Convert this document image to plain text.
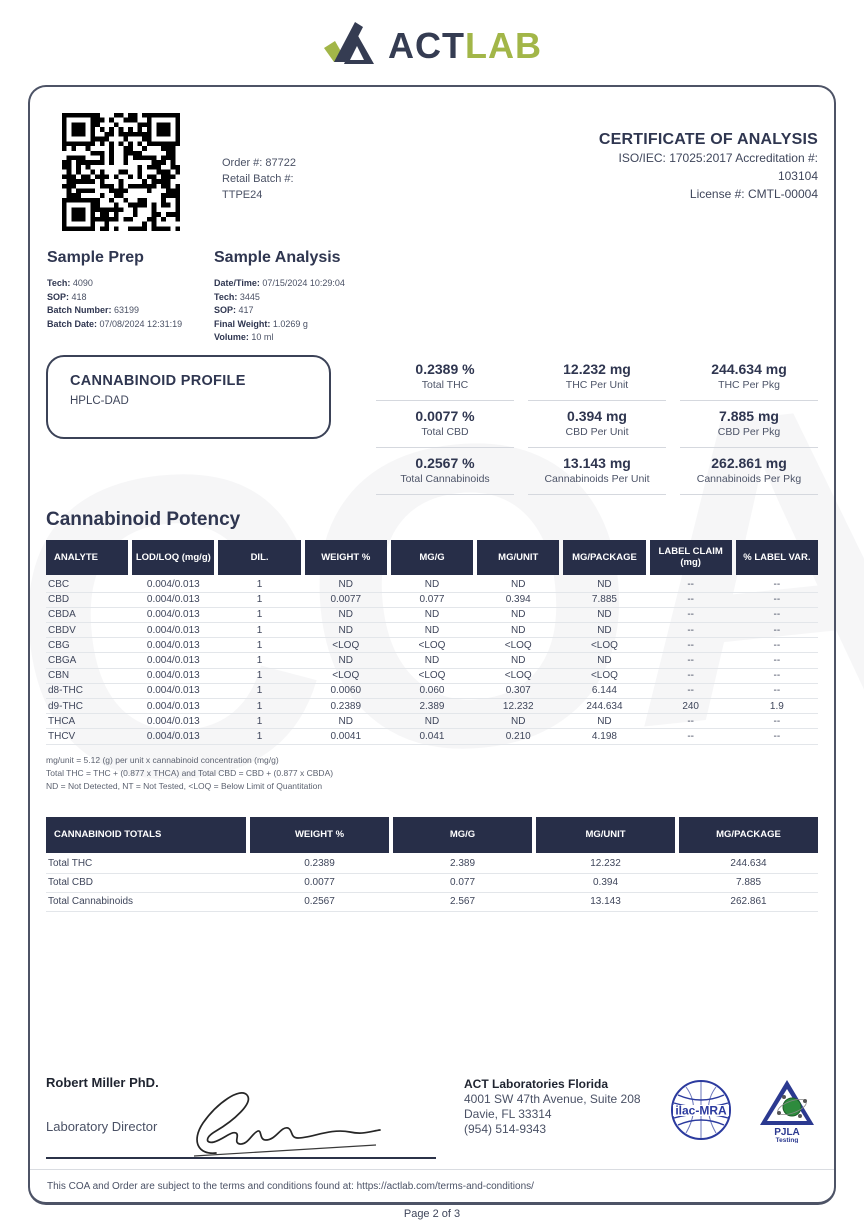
ACTLAB
Order #: 87722
Retail Batch #:
TTPE24
CERTIFICATE OF ANALYSIS
ISO/IEC: 17025:2017 Accreditation #:
103104
License #: CMTL-00004
Sample Prep
Tech: 4090
SOP: 418
Batch Number: 63199
Batch Date: 07/08/2024 12:31:19
Sample Analysis
Date/Time: 07/15/2024 10:29:04
Tech: 3445
SOP: 417
Final Weight: 1.0269 g
Volume: 10 ml
CANNABINOID PROFILE
HPLC-DAD
0.2389 %
Total THC
12.232 mg
THC Per Unit
244.634 mg
THC Per Pkg
0.0077 %
Total CBD
0.394 mg
CBD Per Unit
7.885 mg
CBD Per Pkg
0.2567 %
Total Cannabinoids
13.143 mg
Cannabinoids Per Unit
262.861 mg
Cannabinoids Per Pkg
Cannabinoid Potency
ANALYTE	LOD/LOQ (mg/g)	DIL.	WEIGHT %	MG/G	MG/UNIT	MG/PACKAGE	LABEL CLAIM (mg)	% LABEL VAR.
CBC	0.004/0.013	1	ND	ND	ND	ND	--	--
CBD	0.004/0.013	1	0.0077	0.077	0.394	7.885	--	--
CBDA	0.004/0.013	1	ND	ND	ND	ND	--	--
CBDV	0.004/0.013	1	ND	ND	ND	ND	--	--
CBG	0.004/0.013	1	<LOQ	<LOQ	<LOQ	<LOQ	--	--
CBGA	0.004/0.013	1	ND	ND	ND	ND	--	--
CBN	0.004/0.013	1	<LOQ	<LOQ	<LOQ	<LOQ	--	--
d8-THC	0.004/0.013	1	0.0060	0.060	0.307	6.144	--	--
d9-THC	0.004/0.013	1	0.2389	2.389	12.232	244.634	240	1.9
THCA	0.004/0.013	1	ND	ND	ND	ND	--	--
THCV	0.004/0.013	1	0.0041	0.041	0.210	4.198	--	--
mg/unit = 5.12 (g) per unit x cannabinoid concentration (mg/g)
Total THC = THC + (0.877 x THCA) and Total CBD = CBD + (0.877 x CBDA)
ND = Not Detected, NT = Not Tested, <LOQ = Below Limit of Quantitation
CANNABINOID TOTALS	WEIGHT %	MG/G	MG/UNIT	MG/PACKAGE
Total THC	0.2389	2.389	12.232	244.634
Total CBD	0.0077	0.077	0.394	7.885
Total Cannabinoids	0.2567	2.567	13.143	262.861
Robert Miller PhD.
Laboratory Director
ACT Laboratories Florida
4001 SW 47th Avenue, Suite 208
Davie, FL 33314
(954) 514-9343
ilac-MRA
PJLA
Testing
This COA and Order are subject to the terms and conditions found at: https://actlab.com/terms-and-conditions/
Page 2 of 3
